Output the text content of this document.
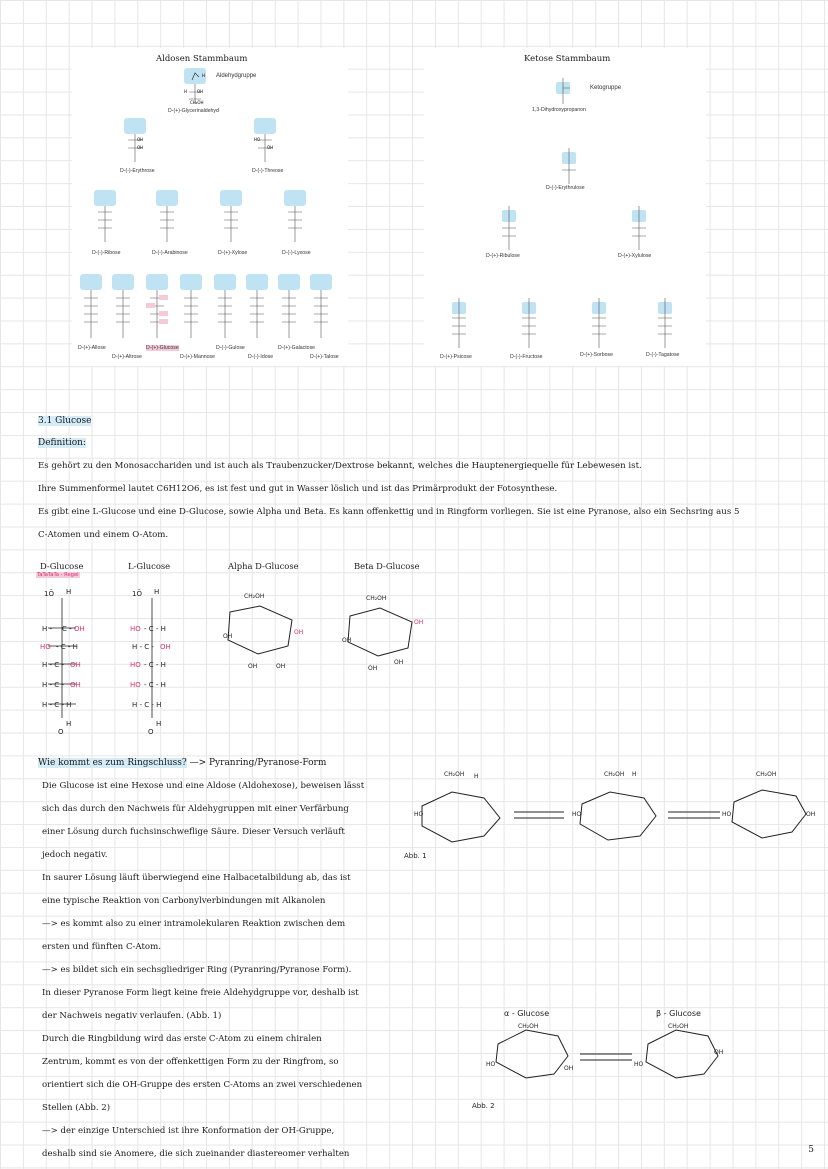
Aldosen Stammbaum
H
OH
H
CH₂OH
OH
OH
HO
OH
Aldehydgruppe
D-(+)-Glycerinaldehyd
D-(-)-Erythrose	D-(-)-Threose
D-(-)-Ribose	D-(-)-Arabinose	D-(+)-Xylose	D-(-)-Lyxose
D-(+)-Allose	D-(+)-Glucose	D-(-)-Gulose	D-(+)-Galactose
D-(+)-Altrose	D-(+)-Mannose	D-(-)-Idose	D-(+)-Talose
Ketose Stammbaum
Ketogruppe
1,3-Dihydroxypropanon
D-(-)-Erythrulose
D-(+)-Ribulose	D-(+)-Xylulose
D-(+)-Psicose	D-(-)-Fructose	D-(+)-Sorbose	D-(-)-Tagatose
3.1 Glucose
Definition:
Es gehört zu den Monosacchariden und ist auch als Traubenzucker/Dextrose bekannt, welches die Hauptenergiequelle für Lebewesen ist.
Ihre Summenformel lautet C6H12O6, es ist fest und gut in Wasser löslich und ist das Primärprodukt der Fotosynthese.
Es gibt eine L-Glucose und eine D-Glucose, sowie Alpha und Beta. Es kann offenkettig und in Ringform vorliegen. Sie ist eine Pyranose, also ein Sechsring aus 5
C-Atomen und einem O-Atom.
D-Glucose
TaTaTaTa - Regel
L-Glucose	Alpha D-Glucose	Beta D-Glucose
1Ō H
H - C - OH
HO - C - H
H - C - OH
H - C - OH
H - C - H
O
H
1Ō H
HO - C - H
H - C - OH
HO - C - H
HO - C - H
H - C - H
O
H
CH₂OH
OH
OH
OH	OH
CH₂OH
OH
OH
OH
OH
Wie kommt es zum Ringschluss? —> Pyranring/Pyranose-Form
Die Glucose ist eine Hexose und eine Aldose (Aldohexose), beweisen lässt
sich das durch den Nachweis für Aldehygruppen mit einer Verfärbung
einer Lösung durch fuchsinschweflige Säure. Dieser Versuch verläuft
jedoch negativ.
In saurer Lösung läuft überwiegend eine Halbacetalbildung ab, das ist
eine typische Reaktion von Carbonylverbindungen mit Alkanolen
—> es kommt also zu einer intramolekularen Reaktion zwischen dem
ersten und fünften C-Atom.
—> es bildet sich ein sechsgliedriger Ring (Pyranring/Pyranose Form).
In dieser Pyranose Form liegt keine freie Aldehydgruppe vor, deshalb ist
der Nachweis negativ verlaufen. (Abb. 1)
Durch die Ringbildung wird das erste C-Atom zu einem chiralen
Zentrum, kommt es von der offenkettigen Form zu der Ringfrom, so
orientiert sich die OH-Gruppe des ersten C-Atoms an zwei verschiedenen
Stellen (Abb. 2)
—> der einzige Unterschied ist ihre Konformation der OH-Gruppe,
deshalb sind sie Anomere, die sich zueinander diastereomer verhalten
CH₂OH H	CH₂OH H	CH₂OH
HO	HO	HO	OH
Abb. 1
CH₂OH	CH₂OH
HO	HO
OH
OH
α - Glucose	β - Glucose
Abb. 2
5
